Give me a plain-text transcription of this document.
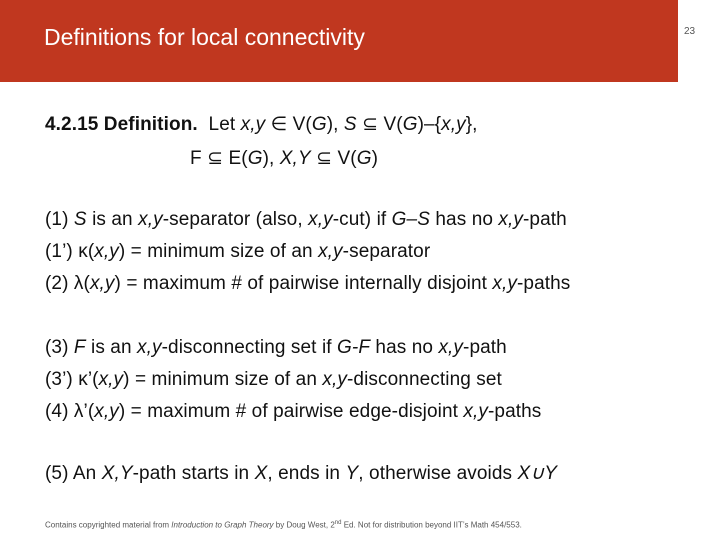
Definitions for local connectivity	23
4.2.15 Definition. Let x,y ∈ V(G), S ⊆ V(G)–{x,y},
F ⊆ E(G), X,Y ⊆ V(G)
(1) S is an x,y-separator (also, x,y-cut) if G–S has no x,y-path
(1’) κ(x,y) = minimum size of an x,y-separator
(2) λ(x,y) = maximum # of pairwise internally disjoint x,y-paths
(3) F is an x,y-disconnecting set if G-F has no x,y-path
(3’) κ’(x,y) = minimum size of an x,y-disconnecting set
(4) λ’(x,y) = maximum # of pairwise edge-disjoint x,y-paths
(5) An X,Y-path starts in X, ends in Y, otherwise avoids X∪Y
Contains copyrighted material from Introduction to Graph Theory by Doug West, 2nd Ed. Not for distribution beyond IIT’s Math 454/553.
